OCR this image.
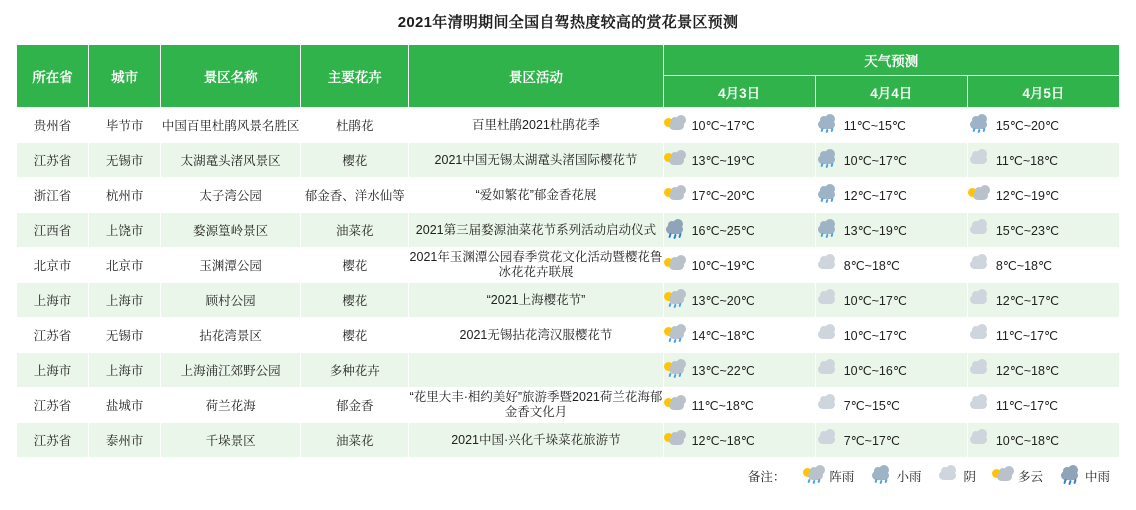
2021年清明期间全国自驾热度较高的赏花景区预测
所在省	城市	景区名称	主要花卉	景区活动	天气预测		
					4月3日	4月4日	4月5日
贵州省	毕节市	中国百里杜鹃风景名胜区	杜鹃花	百里杜鹃2021杜鹃花季	10℃~17℃	11℃~15℃	15℃~20℃

江苏省	无锡市	太湖鼋头渚风景区	樱花	2021中国无锡太湖鼋头渚国际樱花节	13℃~19℃	10℃~17℃	11℃~18℃

浙江省	杭州市	太子湾公园	郁金香、洋水仙等	“爱如繁花”郁金香花展	17℃~20℃	12℃~17℃	12℃~19℃

江西省	上饶市	婺源篁岭景区	油菜花	2021第三届婺源油菜花节系列活动启动仪式	16℃~25℃	13℃~19℃	15℃~23℃

北京市	北京市	玉渊潭公园	樱花	2021年玉渊潭公园春季赏花文化活动暨樱花鲁冰花花卉联展	10℃~19℃	8℃~18℃	8℃~18℃

上海市	上海市	顾村公园	樱花	“2021上海樱花节”	13℃~20℃	10℃~17℃	12℃~17℃

江苏省	无锡市	拈花湾景区	樱花	2021无锡拈花湾汉服樱花节	14℃~18℃	10℃~17℃	11℃~17℃

上海市	上海市	上海浦江郊野公园	多种花卉		13℃~22℃	10℃~16℃	12℃~18℃

江苏省	盐城市	荷兰花海	郁金香	“花里大丰·相约美好”旅游季暨2021荷兰花海郁金香文化月	11℃~18℃	7℃~15℃	11℃~17℃

江苏省	泰州市	千垛景区	油菜花	2021中国·兴化千垛菜花旅游节	12℃~18℃	7℃~17℃	10℃~18℃
备注：	阵雨	小雨	阴	多云	中雨
